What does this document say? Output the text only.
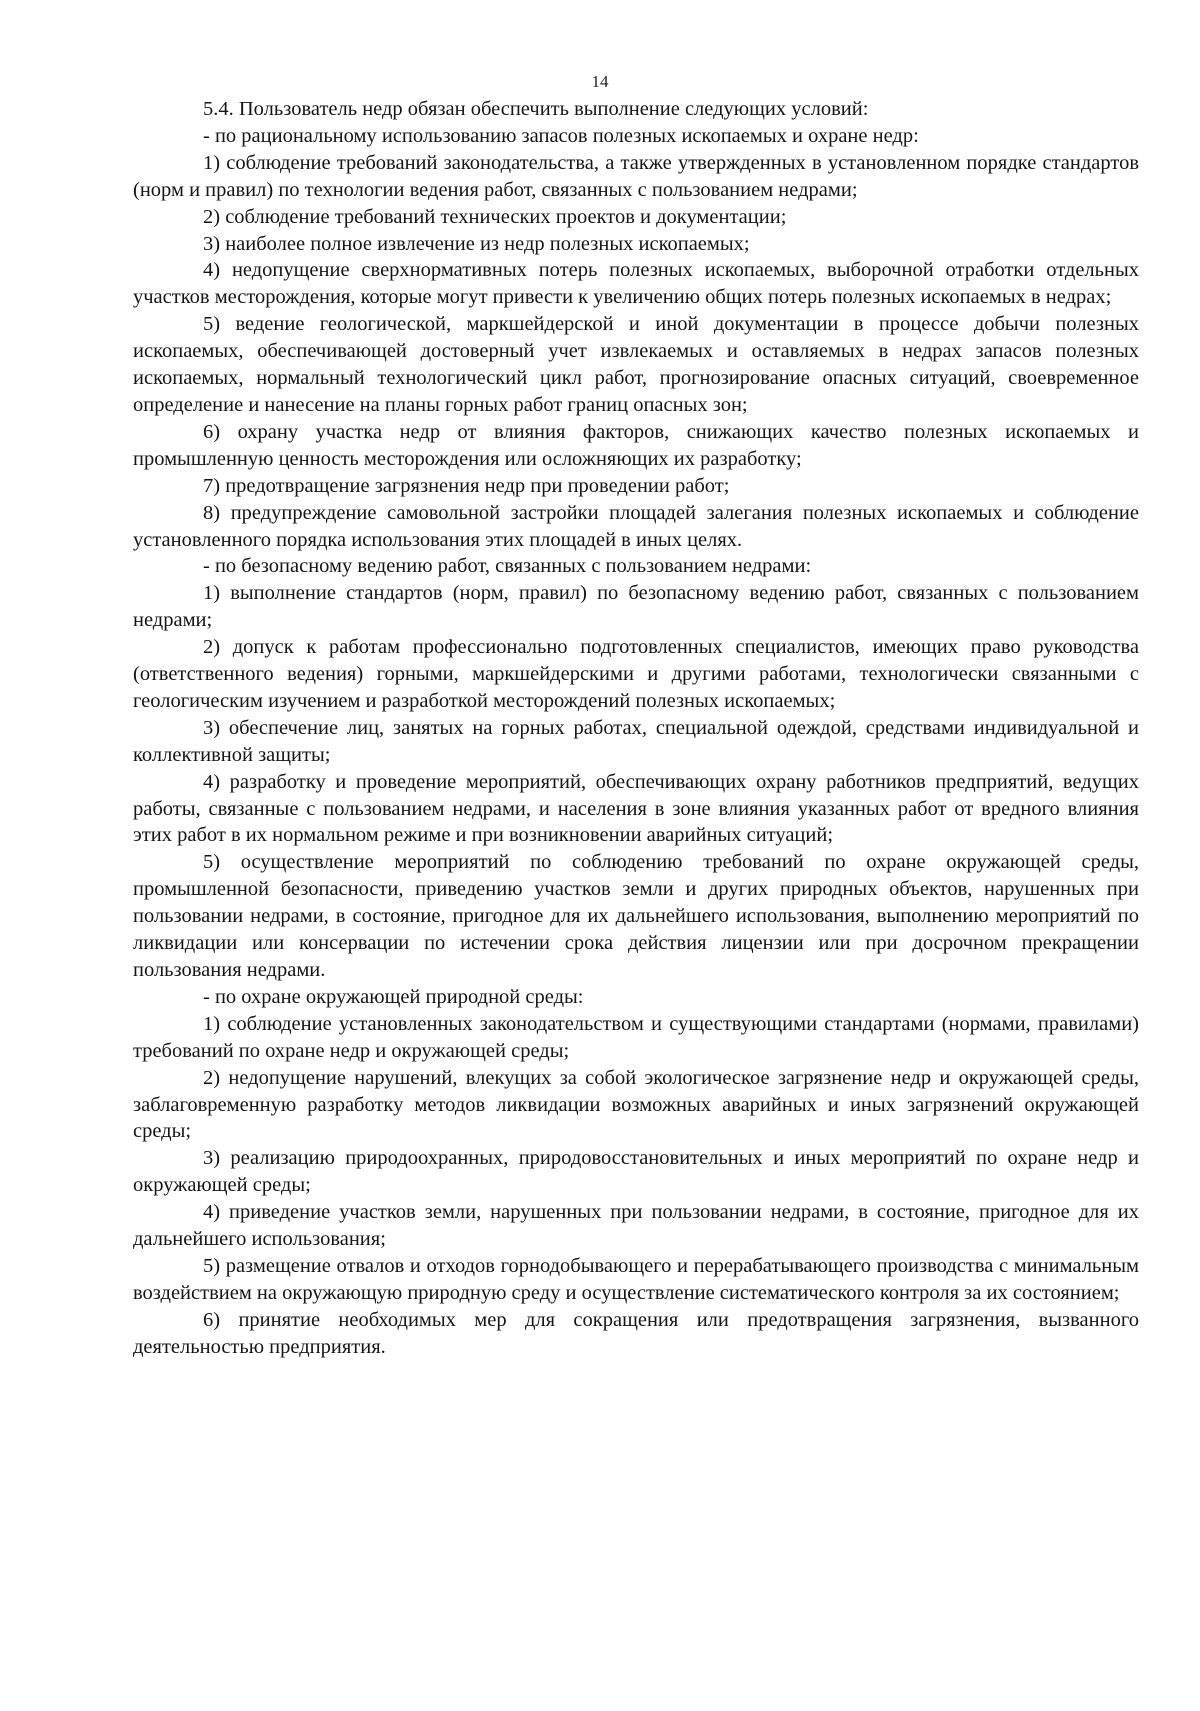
14

5.4. Пользователь недр обязан обеспечить выполнение следующих условий:

- по рациональному использованию запасов полезных ископаемых и охране недр:

1) соблюдение требований законодательства, а также утвержденных в установленном порядке стандартов (норм и правил) по технологии ведения работ, связанных с пользованием недрами;

2) соблюдение требований технических проектов и документации;

3) наиболее полное извлечение из недр полезных ископаемых;

4) недопущение сверхнормативных потерь полезных ископаемых, выборочной отработки отдельных участков месторождения, которые могут привести к увеличению общих потерь полезных ископаемых в недрах;

5) ведение геологической, маркшейдерской и иной документации в процессе добычи полезных ископаемых, обеспечивающей достоверный учет извлекаемых и оставляемых в недрах запасов полезных ископаемых, нормальный технологический цикл работ, прогнозирование опасных ситуаций, своевременное определение и нанесение на планы горных работ границ опасных зон;

6) охрану участка недр от влияния факторов, снижающих качество полезных ископаемых и промышленную ценность месторождения или осложняющих их разработку;

7) предотвращение загрязнения недр при проведении работ;

8) предупреждение самовольной застройки площадей залегания полезных ископаемых и соблюдение установленного порядка использования этих площадей в иных целях.

- по безопасному ведению работ, связанных с пользованием недрами:

1) выполнение стандартов (норм, правил) по безопасному ведению работ, связанных с пользованием недрами;

2) допуск к работам профессионально подготовленных специалистов, имеющих право руководства (ответственного ведения) горными, маркшейдерскими и другими работами, технологически связанными с геологическим изучением и разработкой месторождений полезных ископаемых;

3) обеспечение лиц, занятых на горных работах, специальной одеждой, средствами индивидуальной и коллективной защиты;

4) разработку и проведение мероприятий, обеспечивающих охрану работников предприятий, ведущих работы, связанные с пользованием недрами, и населения в зоне влияния указанных работ от вредного влияния этих работ в их нормальном режиме и при возникновении аварийных ситуаций;

5) осуществление мероприятий по соблюдению требований по охране окружающей среды, промышленной безопасности, приведению участков земли и других природных объектов, нарушенных при пользовании недрами, в состояние, пригодное для их дальнейшего использования, выполнению мероприятий по ликвидации или консервации по истечении срока действия лицензии или при досрочном прекращении пользования недрами.

- по охране окружающей природной среды:

1) соблюдение установленных законодательством и существующими стандартами (нормами, правилами) требований по охране недр и окружающей среды;

2) недопущение нарушений, влекущих за собой экологическое загрязнение недр и окружающей среды, заблаговременную разработку методов ликвидации возможных аварийных и иных загрязнений окружающей среды;

3) реализацию природоохранных, природовосстановительных и иных мероприятий по охране недр и окружающей среды;

4) приведение участков земли, нарушенных при пользовании недрами, в состояние, пригодное для их дальнейшего использования;

5) размещение отвалов и отходов горнодобывающего и перерабатывающего производства с минимальным воздействием на окружающую природную среду и осуществление систематического контроля за их состоянием;

6) принятие необходимых мер для сокращения или предотвращения загрязнения, вызванного деятельностью предприятия.
